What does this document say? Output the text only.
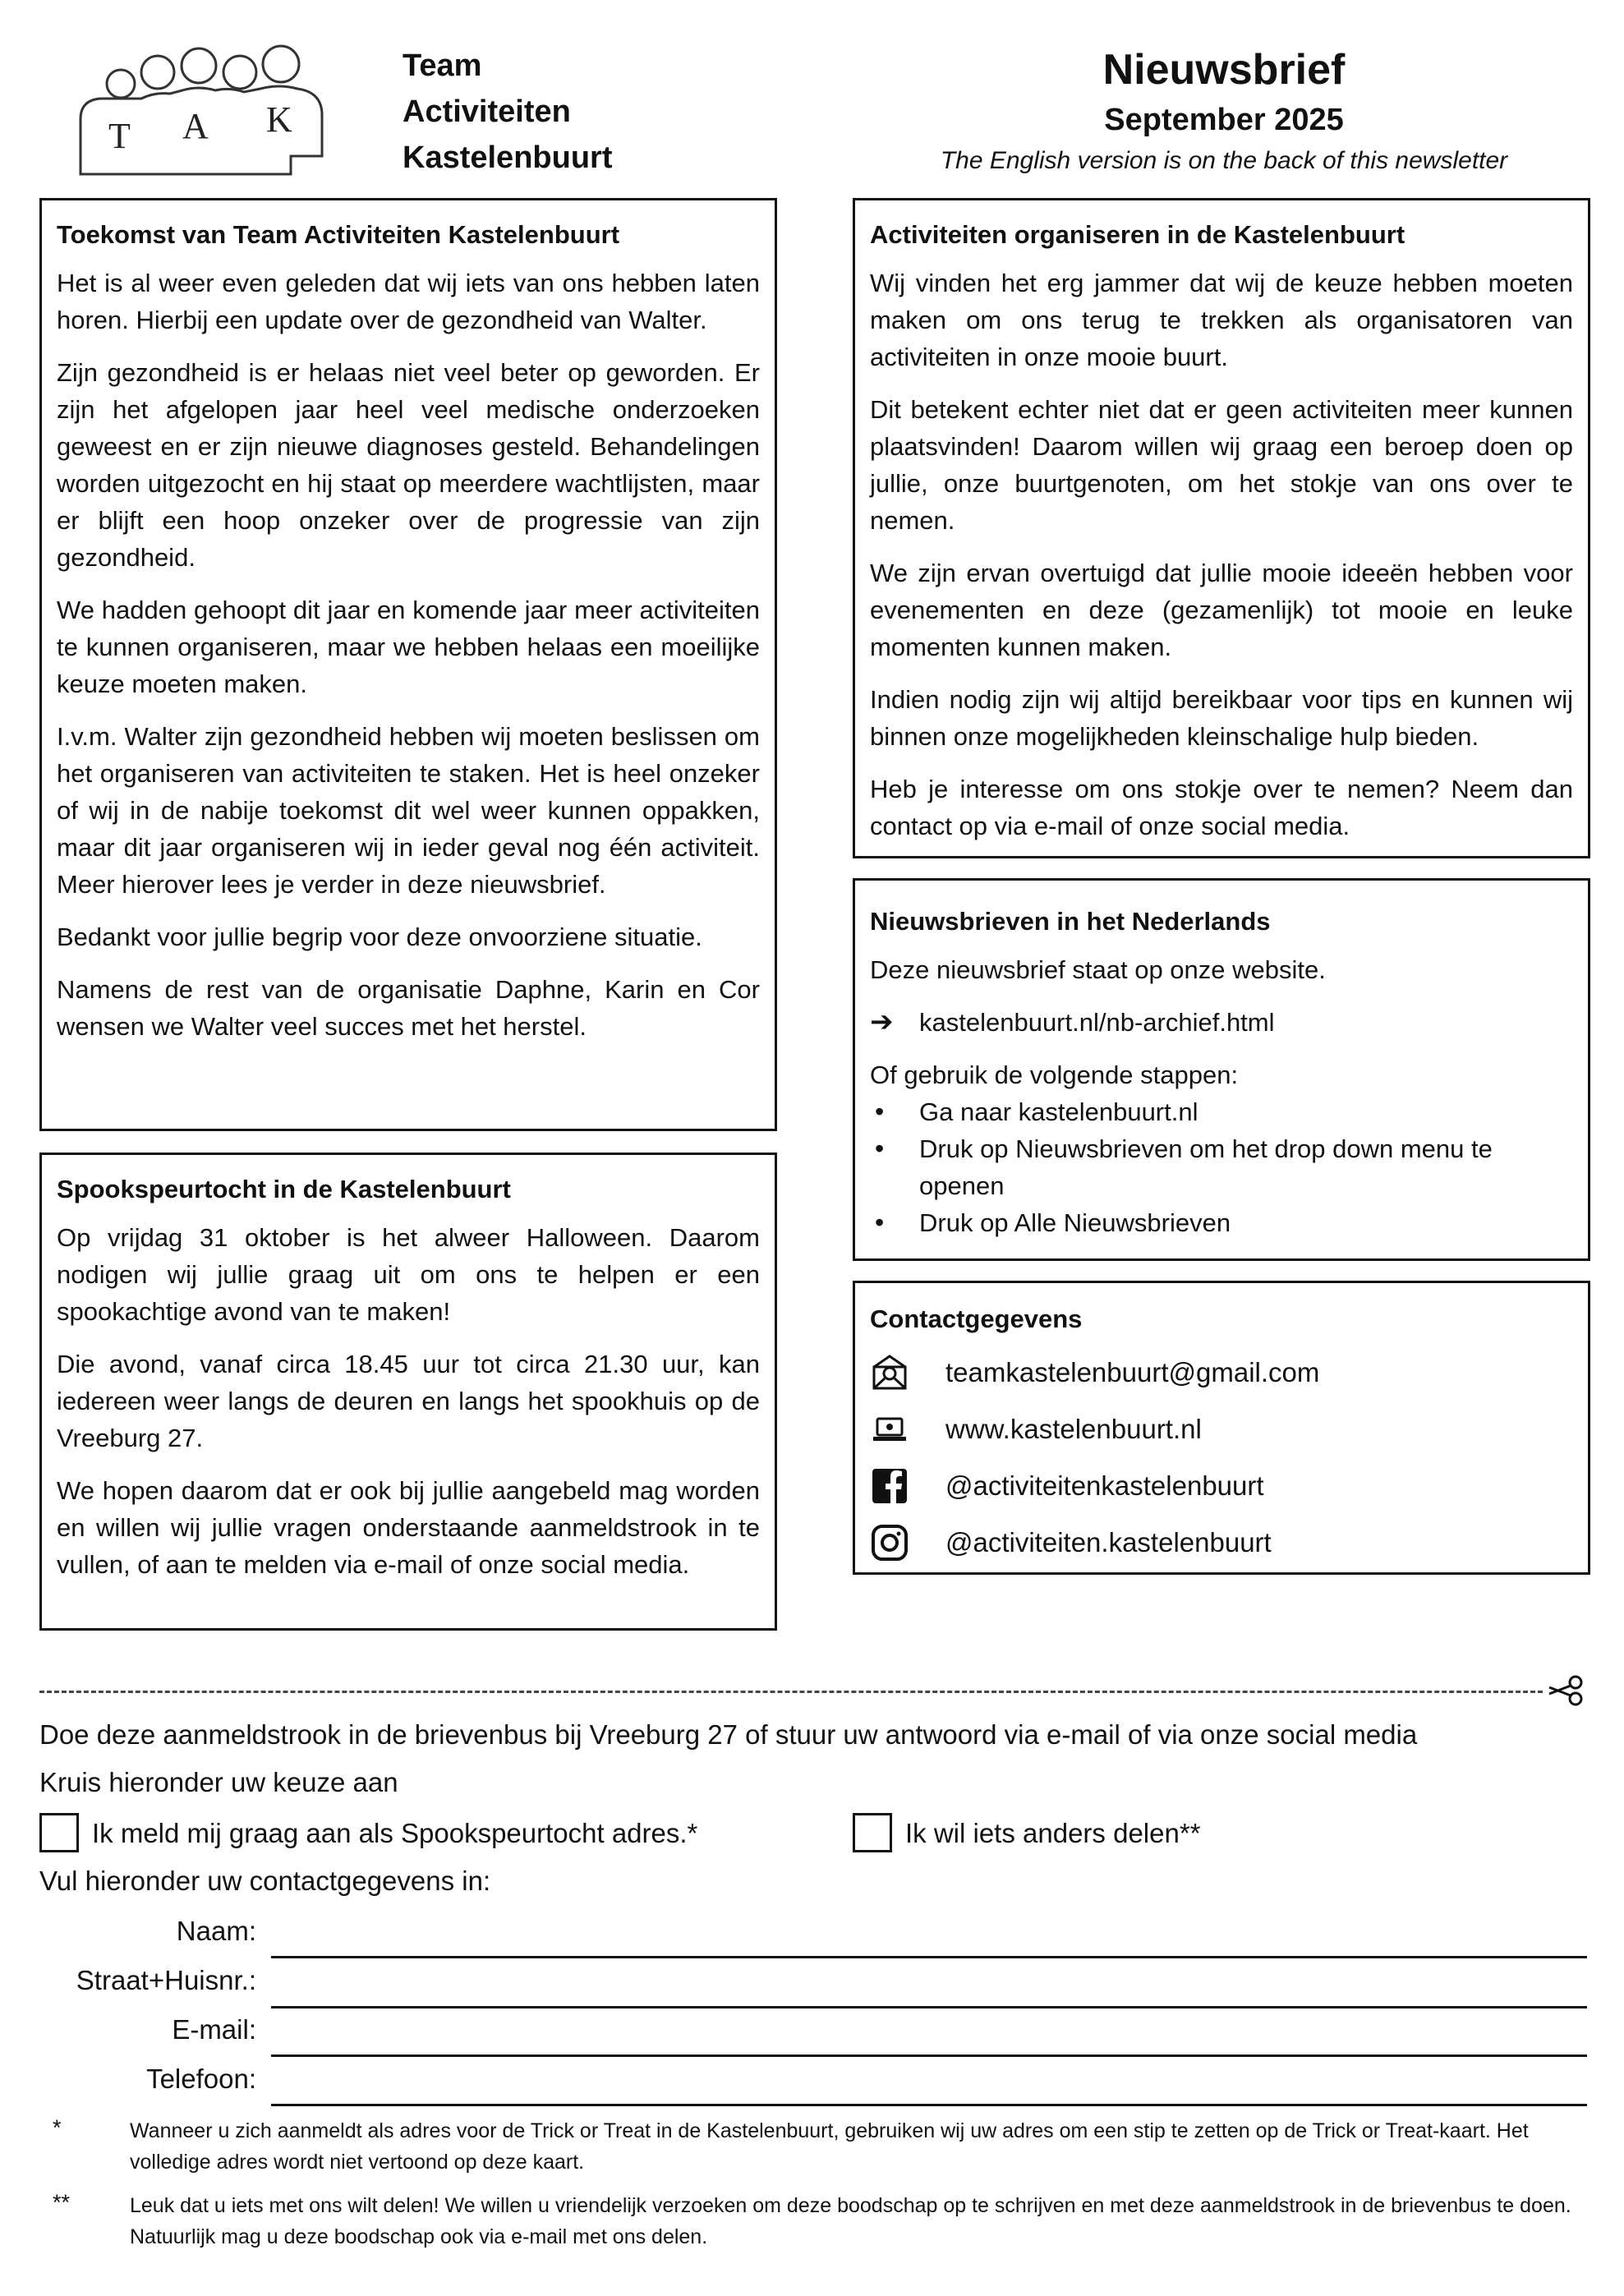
T A K
Team
Activiteiten
Kastelenbuurt
Nieuwsbrief
September 2025
The English version is on the back of this newsletter
Toekomst van Team Activiteiten Kastelenbuurt

Het is al weer even geleden dat wij iets van ons hebben laten horen. Hierbij een update over de gezondheid van Walter.

Zijn gezondheid is er helaas niet veel beter op geworden. Er zijn het afgelopen jaar heel veel medische onderzoeken geweest en er zijn nieuwe diagnoses gesteld. Behandelingen worden uitgezocht en hij staat op meerdere wachtlijsten, maar er blijft een hoop onzeker over de progressie van zijn gezondheid.

We hadden gehoopt dit jaar en komende jaar meer activiteiten te kunnen organiseren, maar we hebben helaas een moeilijke keuze moeten maken.

I.v.m. Walter zijn gezondheid hebben wij moeten beslissen om het organiseren van activiteiten te staken. Het is heel onzeker of wij in de nabije toekomst dit wel weer kunnen oppakken, maar dit jaar organiseren wij in ieder geval nog één activiteit. Meer hierover lees je verder in deze nieuwsbrief.

Bedankt voor jullie begrip voor deze onvoorziene situatie.

Namens de rest van de organisatie Daphne, Karin en Cor wensen we Walter veel succes met het herstel.

Spookspeurtocht in de Kastelenbuurt

Op vrijdag 31 oktober is het alweer Halloween. Daarom nodigen wij jullie graag uit om ons te helpen er een spookachtige avond van te maken!

Die avond, vanaf circa 18.45 uur tot circa 21.30 uur, kan iedereen weer langs de deuren en langs het spookhuis op de Vreeburg 27.

We hopen daarom dat er ook bij jullie aangebeld mag worden en willen wij jullie vragen onderstaande aanmeldstrook in te vullen, of aan te melden via e-mail of onze social media.

Activiteiten organiseren in de Kastelenbuurt

Wij vinden het erg jammer dat wij de keuze hebben moeten maken om ons terug te trekken als organisatoren van activiteiten in onze mooie buurt.

Dit betekent echter niet dat er geen activiteiten meer kunnen plaatsvinden! Daarom willen wij graag een beroep doen op jullie, onze buurtgenoten, om het stokje van ons over te nemen.

We zijn ervan overtuigd dat jullie mooie ideeën hebben voor evenementen en deze (gezamenlijk) tot mooie en leuke momenten kunnen maken.

Indien nodig zijn wij altijd bereikbaar voor tips en kunnen wij binnen onze mogelijkheden kleinschalige hulp bieden.

Heb je interesse om ons stokje over te nemen? Neem dan contact op via e-mail of onze social media.

Nieuwsbrieven in het Nederlands

Deze nieuwsbrief staat op onze website.

➔	kastelenbuurt.nl/nb-archief.html
Of gebruik de volgende stappen:
• Ga naar kastelenbuurt.nl
• Druk op Nieuwsbrieven om het drop down menu te openen
• Druk op Alle Nieuwsbrieven
Contactgegevens
teamkastelenbuurt@gmail.com
www.kastelenbuurt.nl
@activiteitenkastelenbuurt
@activiteiten.kastelenbuurt
Doe deze aanmeldstrook in de brievenbus bij Vreeburg 27 of stuur uw antwoord via e-mail of via onze social media
Kruis hieronder uw keuze aan
Ik meld mij graag aan als Spookspeurtocht adres.*	Ik wil iets anders delen**
Vul hieronder uw contactgegevens in:
Naam:
Straat+Huisnr.:
E-mail:
Telefoon:
*	Wanneer u zich aanmeldt als adres voor de Trick or Treat in de Kastelenbuurt, gebruiken wij uw adres om een stip te zetten op de Trick or Treat-kaart. Het volledige adres wordt niet vertoond op deze kaart.
**	Leuk dat u iets met ons wilt delen! We willen u vriendelijk verzoeken om deze boodschap op te schrijven en met deze aanmeldstrook in de brievenbus te doen. Natuurlijk mag u deze boodschap ook via e-mail met ons delen.
